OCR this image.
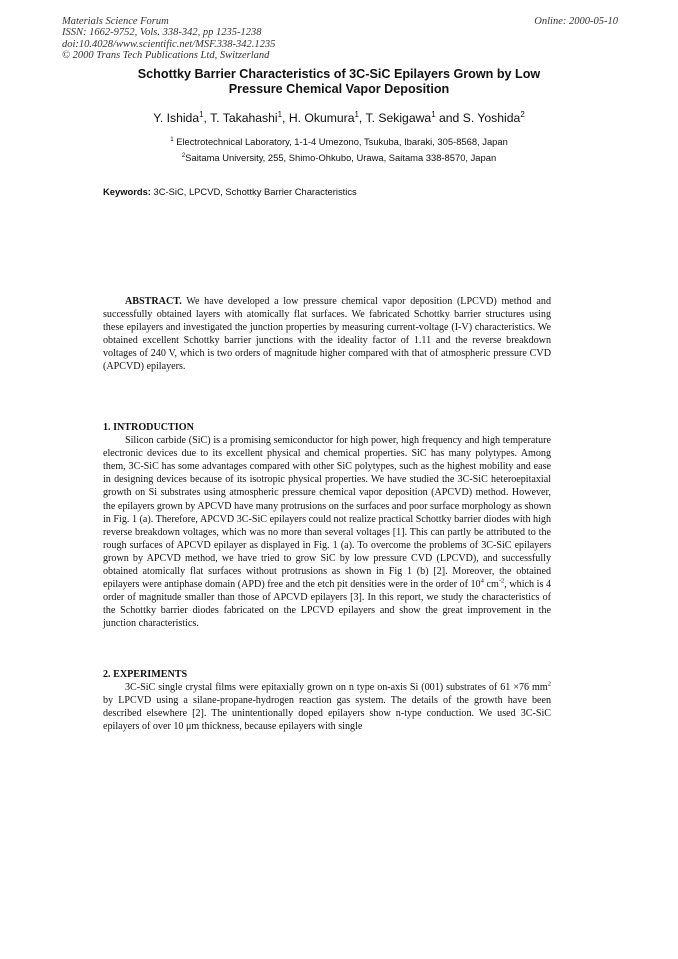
Materials Science Forum
ISSN: 1662-9752, Vols. 338-342, pp 1235-1238
doi:10.4028/www.scientific.net/MSF.338-342.1235
© 2000 Trans Tech Publications Ltd, Switzerland
Online: 2000-05-10
Schottky Barrier Characteristics of 3C-SiC Epilayers Grown by Low
Pressure Chemical Vapor Deposition
Y. Ishida$^1$, T. Takahashi$^1$, H. Okumura$^1$, T. Sekigawa$^1$ and S. Yoshida$^2$
$^1$ Electrotechnical Laboratory, 1-1-4 Umezono, Tsukuba, Ibaraki, 305-8568, Japan
$^2$Saitama University, 255, Shimo-Ohkubo, Urawa, Saitama 338-8570, Japan
Keywords: 3C-SiC, LPCVD, Schottky Barrier Characteristics

ABSTRACT. We have developed a low pressure chemical vapor deposition (LPCVD) method and successfully obtained layers with atomically flat surfaces. We fabricated Schottky barrier structures using these epilayers and investigated the junction properties by measuring current-voltage (I-V) characteristics. We obtained excellent Schottky barrier junctions with the ideality factor of 1.11 and the reverse breakdown voltages of 240 V, which is two orders of magnitude higher compared with that of atmospheric pressure CVD (APCVD) epilayers.

1. INTRODUCTION

Silicon carbide (SiC) is a promising semiconductor for high power, high frequency and high temperature electronic devices due to its excellent physical and chemical properties. SiC has many polytypes. Among them, 3C-SiC has some advantages compared with other SiC polytypes, such as the highest mobility and ease in designing devices because of its isotropic physical properties. We have studied the 3C-SiC heteroepitaxial growth on Si substrates using atmospheric pressure chemical vapor deposition (APCVD) method. However, the epilayers grown by APCVD have many protrusions on the surfaces and poor surface morphology as shown in Fig. 1 (a). Therefore, APCVD 3C-SiC epilayers could not realize practical Schottky barrier diodes with high reverse breakdown voltages, which was no more than several voltages [1]. This can partly be attributed to the rough surfaces of APCVD epilayer as displayed in Fig. 1 (a). To overcome the problems of 3C-SiC epilayers grown by APCVD method, we have tried to grow SiC by low pressure CVD (LPCVD), and successfully obtained atomically flat surfaces without protrusions as shown in Fig 1 (b) [2]. Moreover, the obtained epilayers were antiphase domain (APD) free and the etch pit densities were in the order of $10^4$ $cm^{-2}$, which is 4 order of magnitude smaller than those of APCVD epilayers [3]. In this report, we study the characteristics of the Schottky barrier diodes fabricated on the LPCVD epilayers and show the great improvement in the junction characteristics.

2. EXPERIMENTS

3C-SiC single crystal films were epitaxially grown on n type on-axis Si (001) substrates of 61 ×76 $mm^2$ by LPCVD using a silane-propane-hydrogen reaction gas system. The details of the growth have been described elsewhere [2]. The unintentionally doped epilayers show n-type conduction. We used 3C-SiC epilayers of over 10 μm thickness, because epilayers with single
